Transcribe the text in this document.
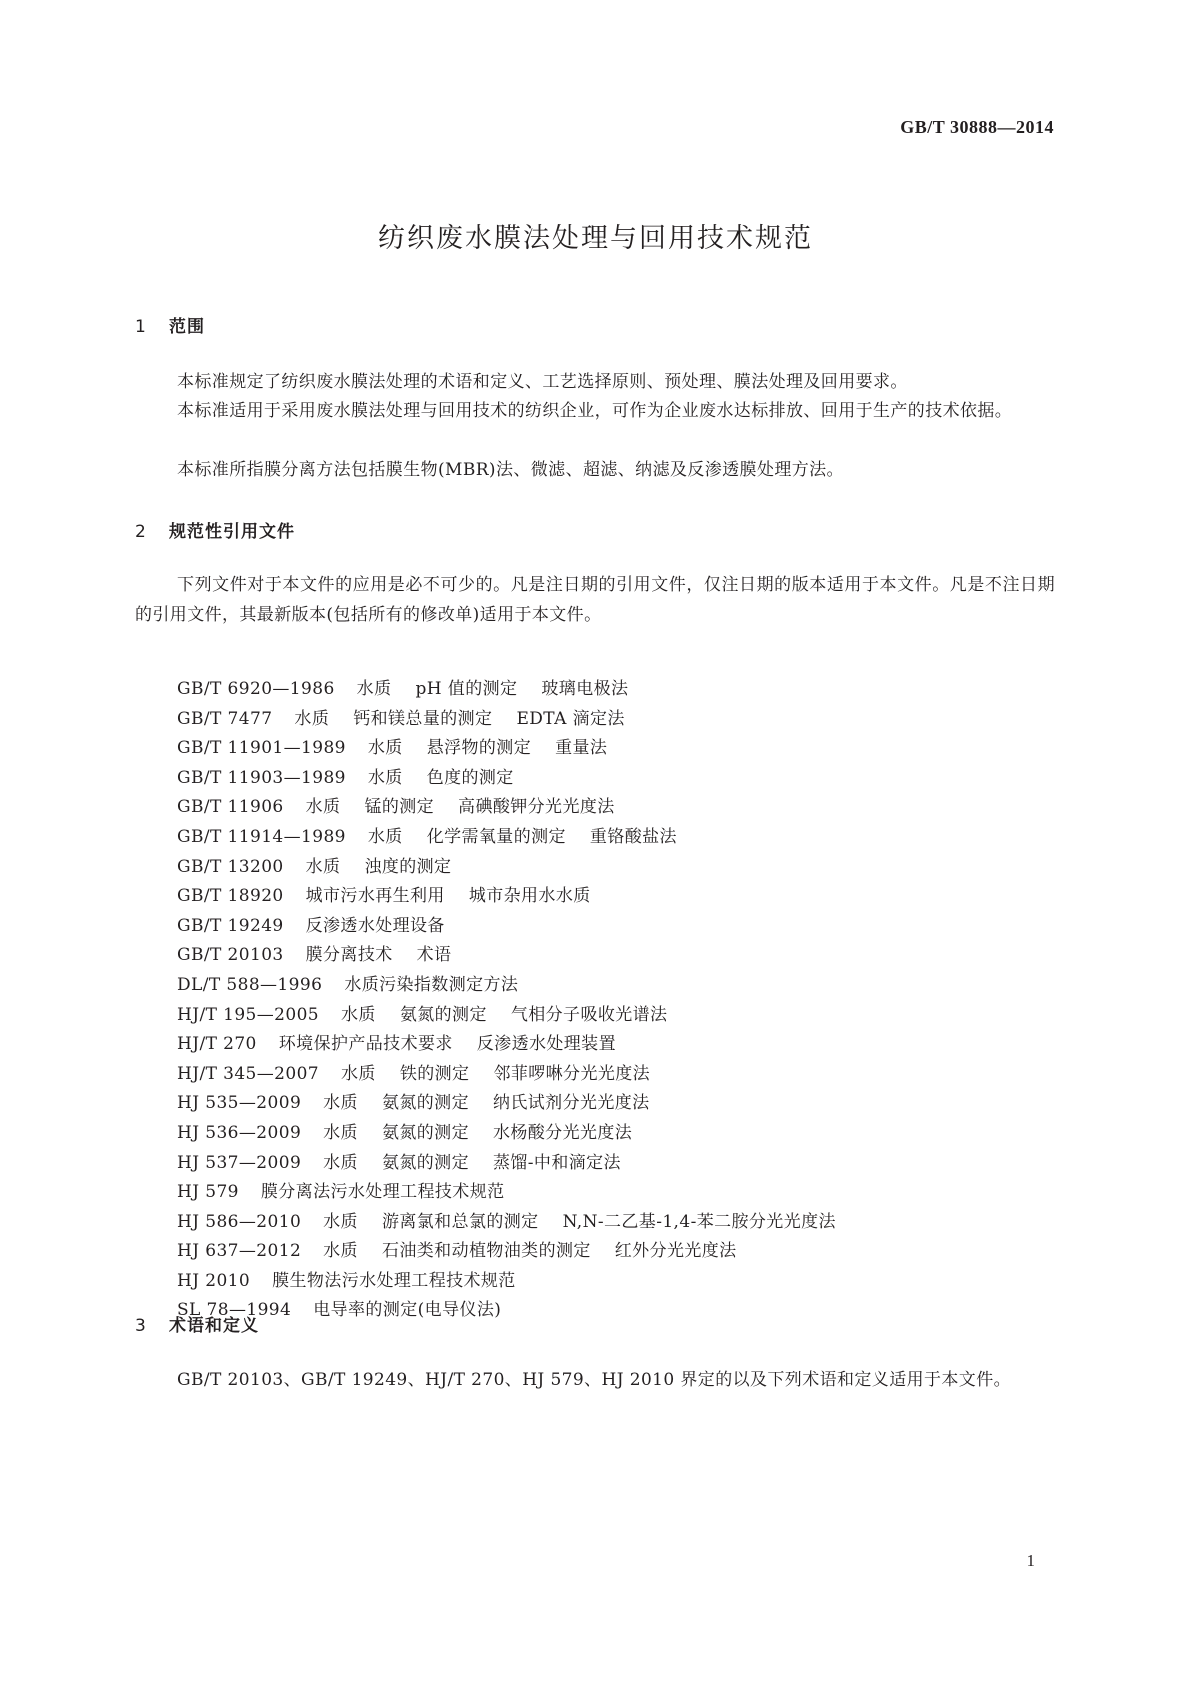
GB/T 30888—2014
纺织废水膜法处理与回用技术规范
1 范围
本标准规定了纺织废水膜法处理的术语和定义、工艺选择原则、预处理、膜法处理及回用要求。
本标准适用于采用废水膜法处理与回用技术的纺织企业，可作为企业废水达标排放、回用于生产的技术依据。
本标准所指膜分离方法包括膜生物(MBR)法、微滤、超滤、纳滤及反渗透膜处理方法。
2 规范性引用文件
下列文件对于本文件的应用是必不可少的。凡是注日期的引用文件，仅注日期的版本适用于本文件。凡是不注日期的引用文件，其最新版本(包括所有的修改单)适用于本文件。
GB/T 6920—1986 水质 pH 值的测定 玻璃电极法
GB/T 7477 水质 钙和镁总量的测定 EDTA 滴定法
GB/T 11901—1989 水质 悬浮物的测定 重量法
GB/T 11903—1989 水质 色度的测定
GB/T 11906 水质 锰的测定 高碘酸钾分光光度法
GB/T 11914—1989 水质 化学需氧量的测定 重铬酸盐法
GB/T 13200 水质 浊度的测定
GB/T 18920 城市污水再生利用 城市杂用水水质
GB/T 19249 反渗透水处理设备
GB/T 20103 膜分离技术 术语
DL/T 588—1996 水质污染指数测定方法
HJ/T 195—2005 水质 氨氮的测定 气相分子吸收光谱法
HJ/T 270 环境保护产品技术要求 反渗透水处理装置
HJ/T 345—2007 水质 铁的测定 邻菲啰啉分光光度法
HJ 535—2009 水质 氨氮的测定 纳氏试剂分光光度法
HJ 536—2009 水质 氨氮的测定 水杨酸分光光度法
HJ 537—2009 水质 氨氮的测定 蒸馏-中和滴定法
HJ 579 膜分离法污水处理工程技术规范
HJ 586—2010 水质 游离氯和总氯的测定 N,N-二乙基-1,4-苯二胺分光光度法
HJ 637—2012 水质 石油类和动植物油类的测定 红外分光光度法
HJ 2010 膜生物法污水处理工程技术规范
SL 78—1994 电导率的测定(电导仪法)
3 术语和定义
GB/T 20103、GB/T 19249、HJ/T 270、HJ 579、HJ 2010 界定的以及下列术语和定义适用于本文件。
1
